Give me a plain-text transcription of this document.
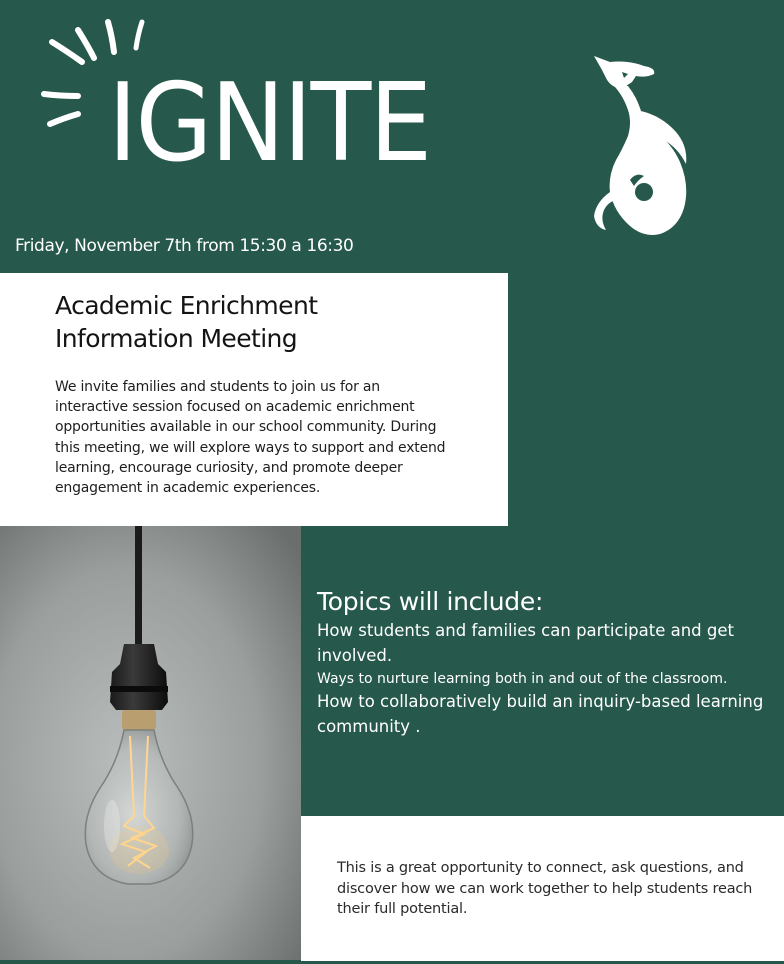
IGNITE

Friday, November 7th from 15:30 a 16:30

Academic Enrichment
Information Meeting

We invite families and students to join us for an interactive session focused on academic enrichment opportunities available in our school community. During this meeting, we will explore ways to support and extend learning, encourage curiosity, and promote deeper engagement in academic experiences.

Topics will include:

How students and families can participate and get involved.

Ways to nurture learning both in and out of the classroom.

How to collaboratively build an inquiry-based learning community .

This is a great opportunity to connect, ask questions, and discover how we can work together to help students reach their full potential.
